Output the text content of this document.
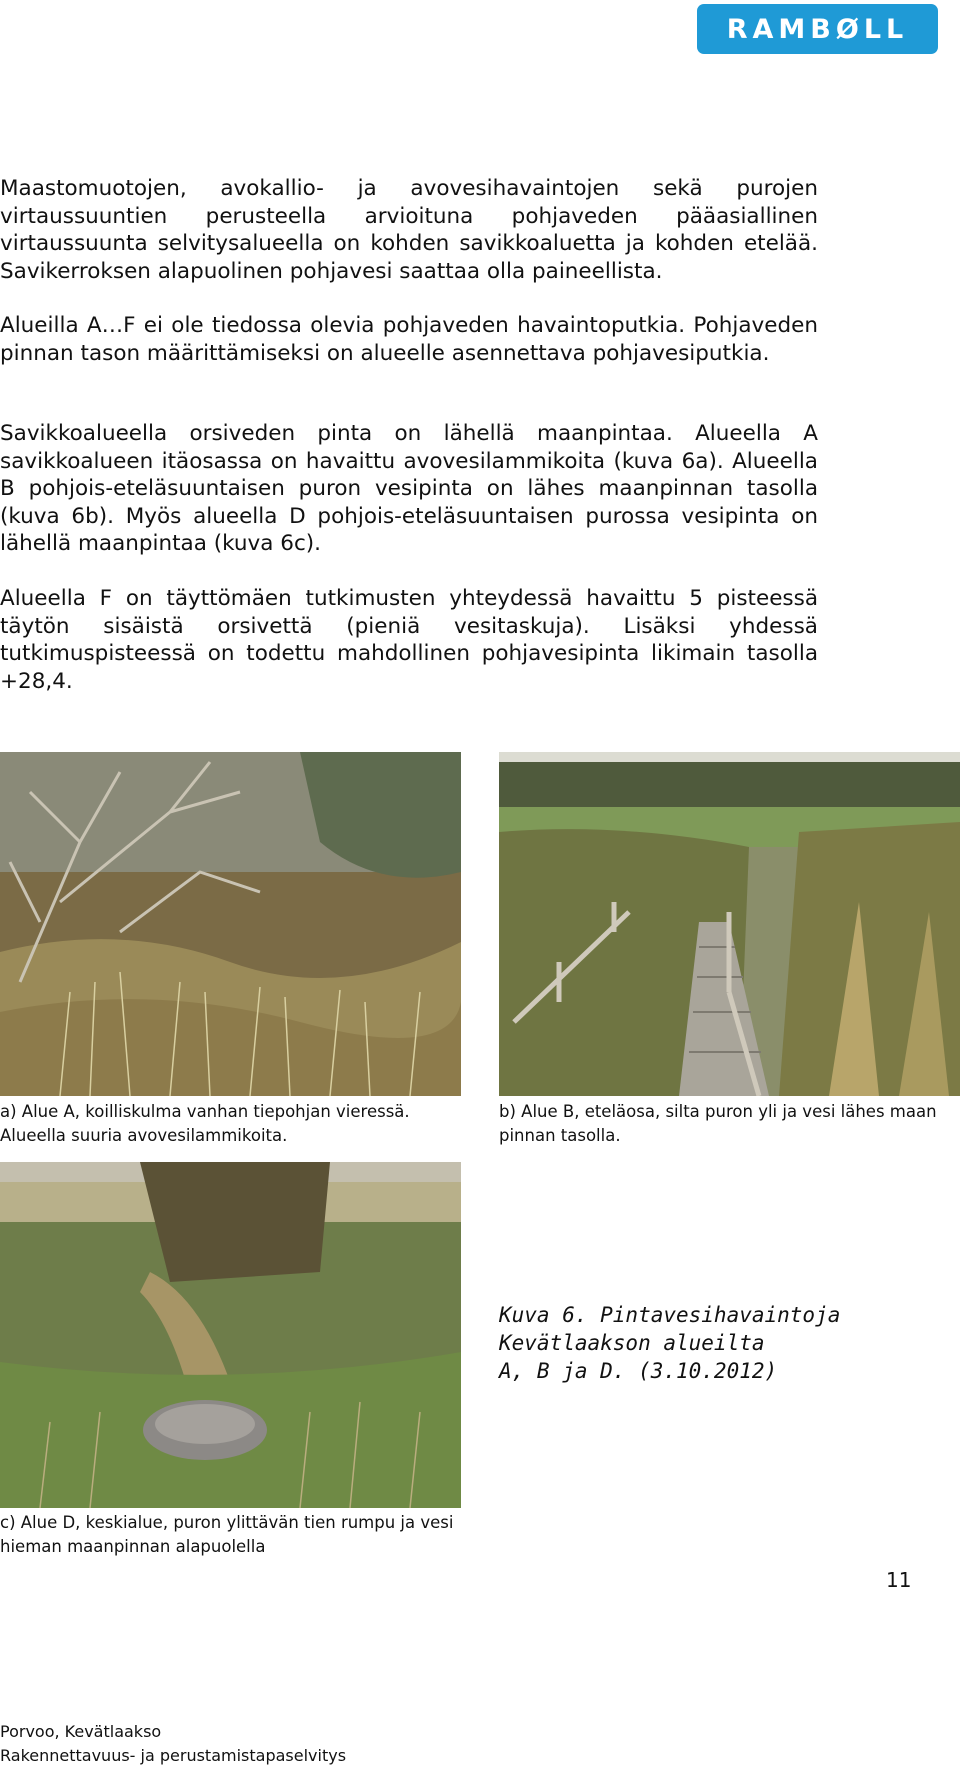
RAMBØLL

Maastomuotojen, avokallio- ja avovesihavaintojen sekä purojen virtaussuuntien perusteella arvioituna pohjaveden pääasiallinen virtaussuunta selvitysalueella on kohden savikkoaluetta ja kohden etelää. Savikerroksen alapuolinen pohjavesi saattaa olla paineellista.

Alueilla A…F ei ole tiedossa olevia pohjaveden havaintoputkia. Pohjaveden pinnan tason määrittämiseksi on alueelle asennettava pohjavesiputkia.

Savikkoalueella orsiveden pinta on lähellä maanpintaa. Alueella A savikkoalueen itäosassa on havaittu avovesilammikoita (kuva 6a). Alueella B pohjois-eteläsuuntaisen puron vesipinta on lähes maanpinnan tasolla (kuva 6b). Myös alueella D pohjois-eteläsuuntaisen purossa vesipinta on lähellä maanpintaa (kuva 6c).

Alueella F on täyttömäen tutkimusten yhteydessä havaittu 5 pisteessä täytön sisäistä orsivettä (pieniä vesitaskuja). Lisäksi yhdessä tutkimuspisteessä on todettu mahdollinen pohjavesipinta likimain tasolla +28,4.

a) Alue A, koilliskulma vanhan tiepohjan vieressä. Alueella suuria avovesilammikoita.
b) Alue B, eteläosa, silta puron yli ja vesi lähes maan pinnan tasolla.

Kuva 6. Pintavesihavaintoja
Kevätlaakson alueilta
A, B ja D. (3.10.2012)

c) Alue D, keskialue, puron ylittävän tien rumpu ja vesi hieman maanpinnan alapuolella
11
Porvoo, Kevätlaakso
Rakennettavuus- ja perustamistapaselvitys
